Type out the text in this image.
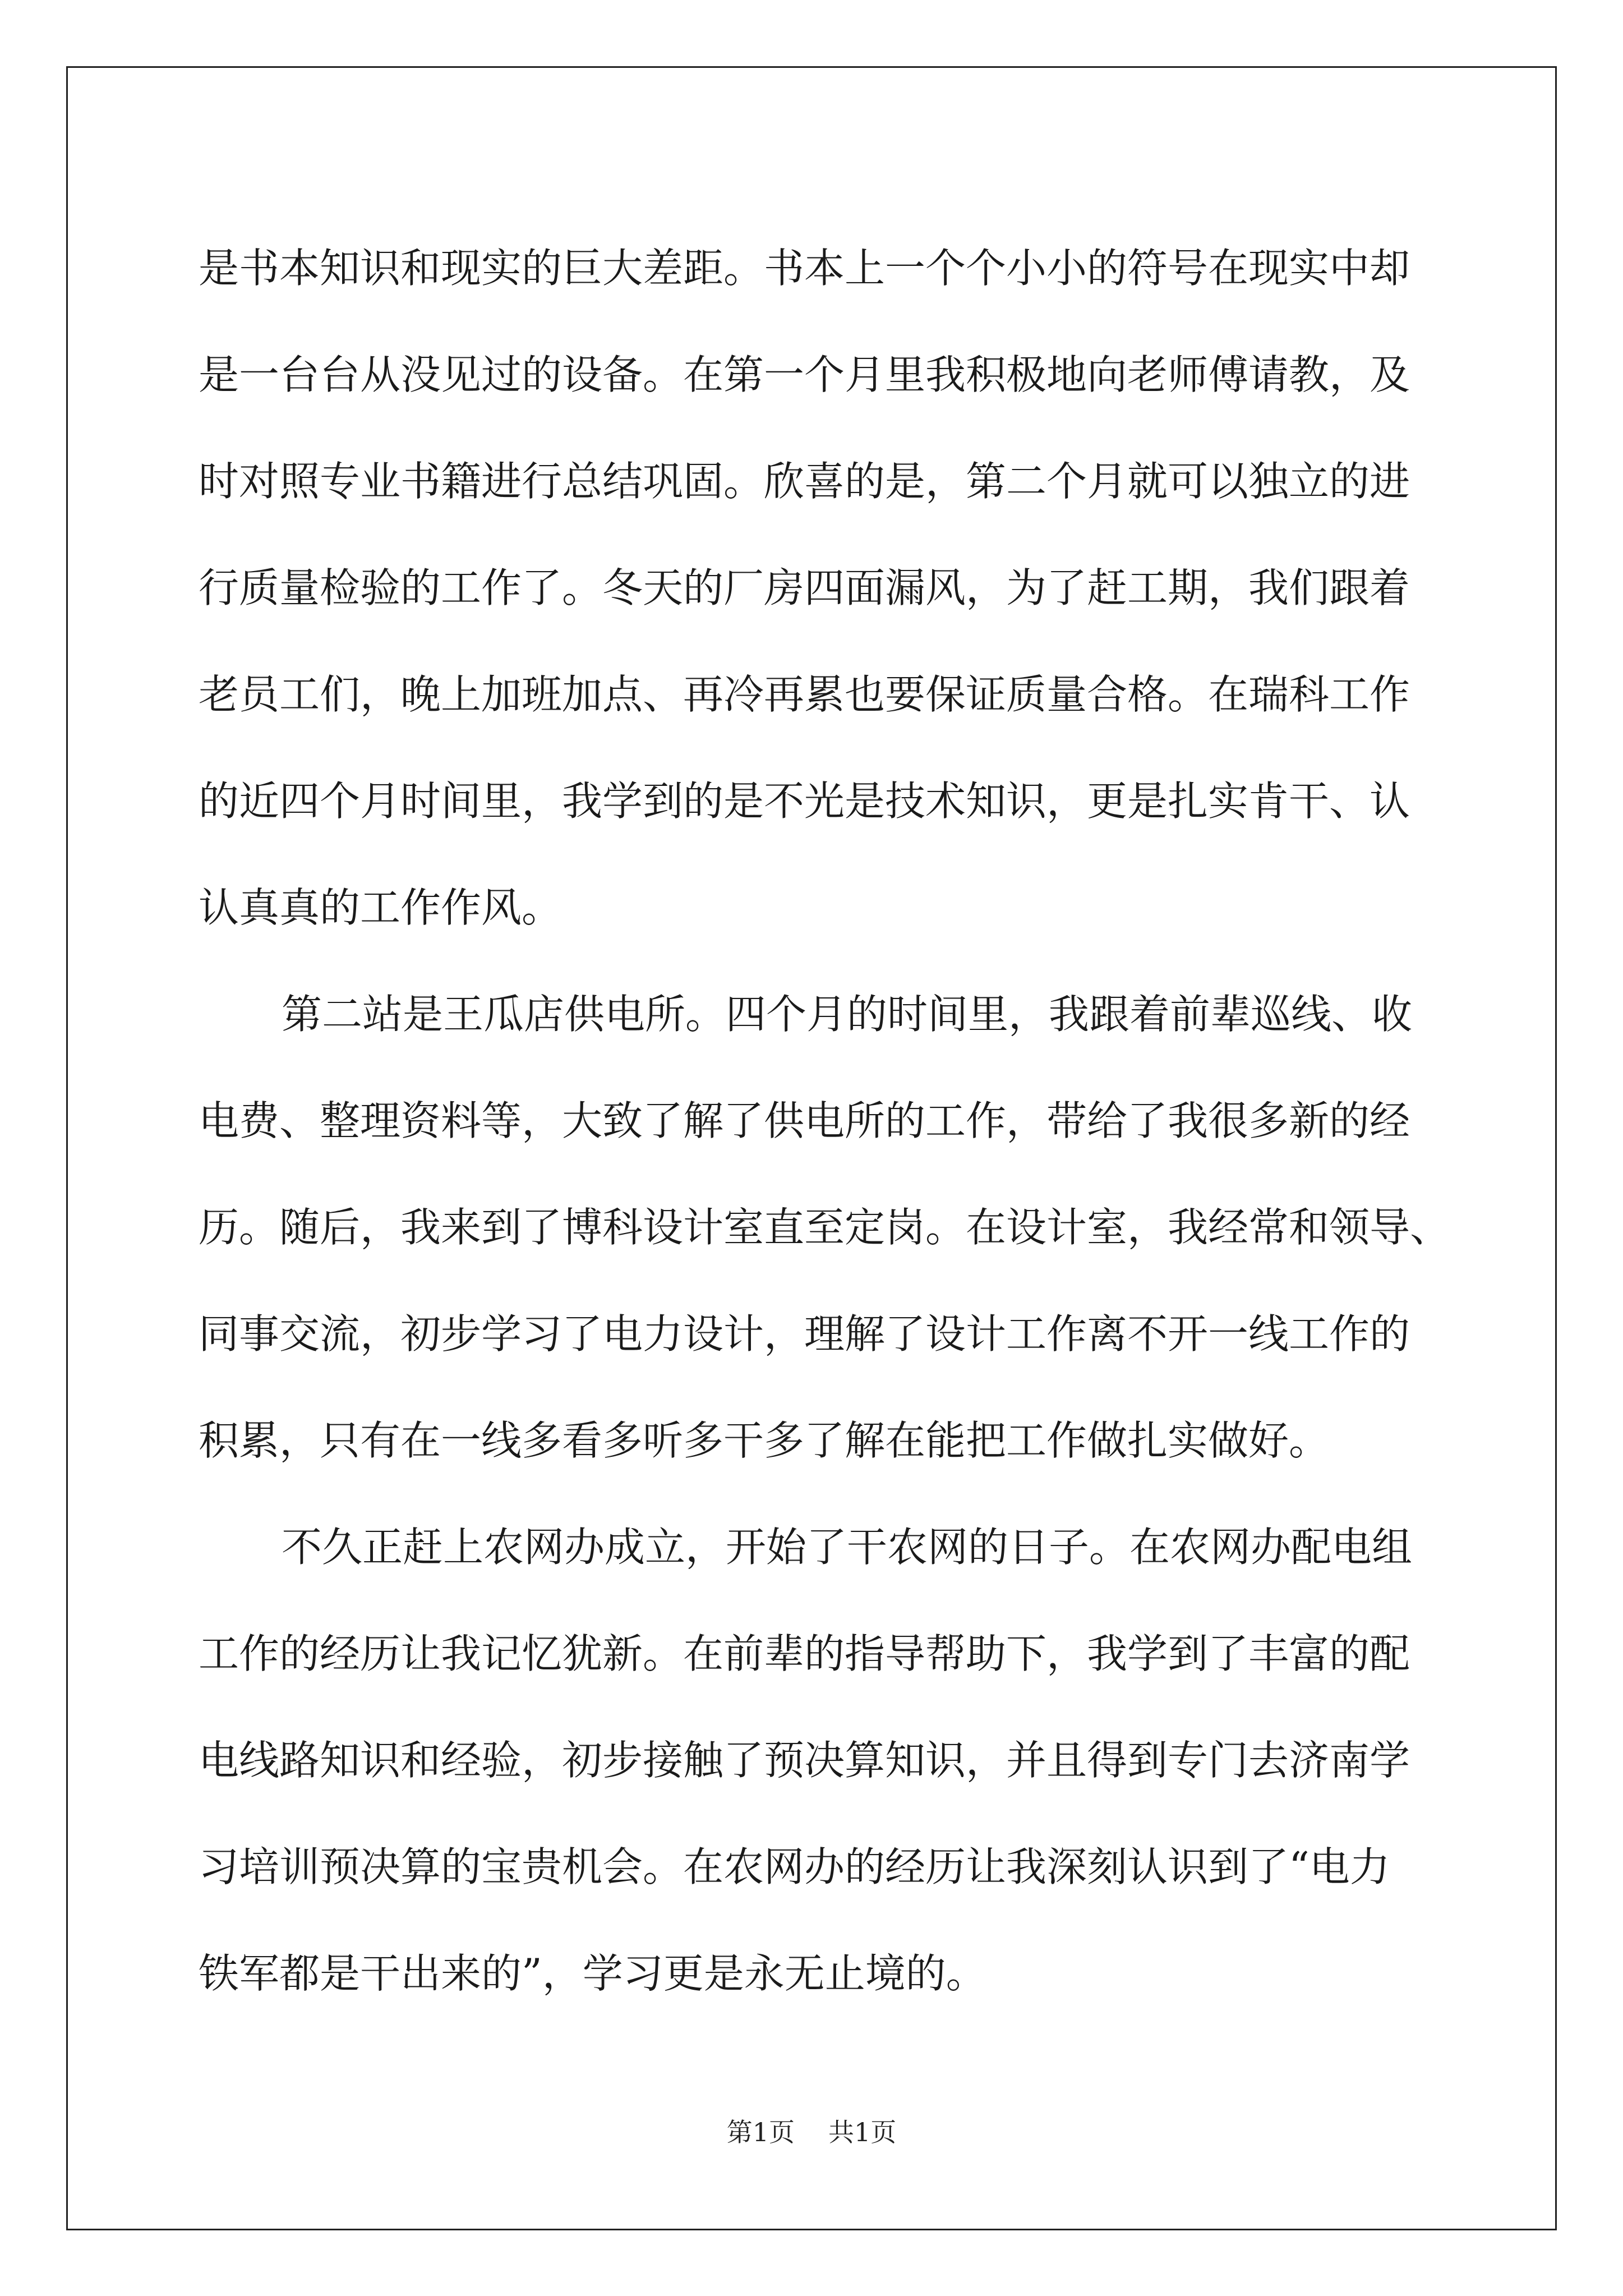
是书本知识和现实的巨大差距。书本上一个个小小的符号在现实中却
是一台台从没见过的设备。在第一个月里我积极地向老师傅请教，及
时对照专业书籍进行总结巩固。欣喜的是，第二个月就可以独立的进
行质量检验的工作了。冬天的厂房四面漏风，为了赶工期，我们跟着
老员工们，晚上加班加点、再冷再累也要保证质量合格。在瑞科工作
的近四个月时间里，我学到的是不光是技术知识，更是扎实肯干、认
认真真的工作作风。
第二站是王瓜店供电所。四个月的时间里，我跟着前辈巡线、收
电费、整理资料等，大致了解了供电所的工作，带给了我很多新的经
历。随后，我来到了博科设计室直至定岗。在设计室，我经常和领导、
同事交流，初步学习了电力设计，理解了设计工作离不开一线工作的
积累，只有在一线多看多听多干多了解在能把工作做扎实做好。
不久正赶上农网办成立，开始了干农网的日子。在农网办配电组
工作的经历让我记忆犹新。在前辈的指导帮助下，我学到了丰富的配
电线路知识和经验，初步接触了预决算知识，并且得到专门去济南学
习培训预决算的宝贵机会。在农网办的经历让我深刻认识到了“电力
铁军都是干出来的”，学习更是永无止境的。
第1页 共1页
